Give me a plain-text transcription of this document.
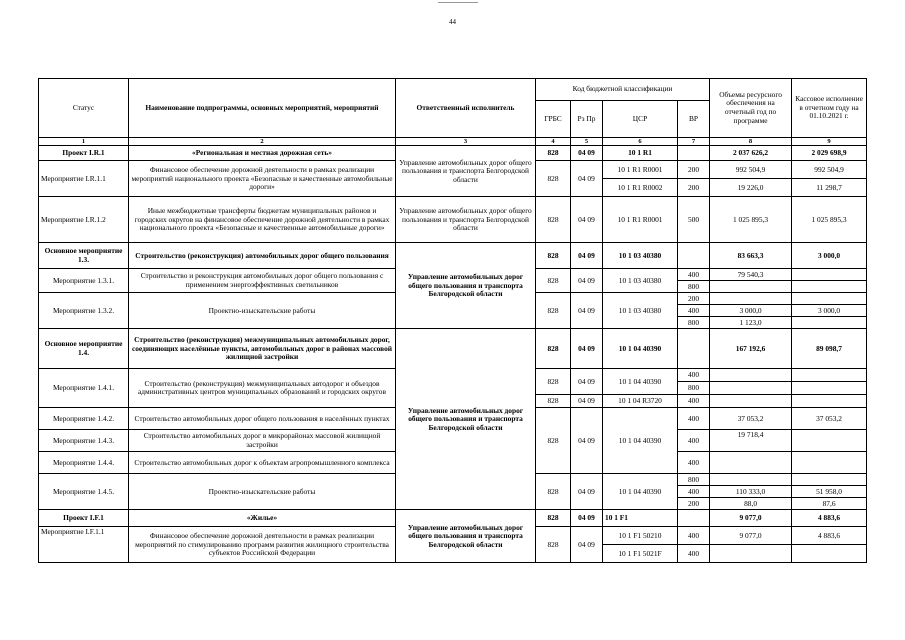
44
Статус	Наименование подпрограммы, основных мероприятий, мероприятий	Ответственный исполнитель	Код бюджетной классификации				Объемы ресурсного обеспечения на отчетный год по программе	Кассовое исполнение в отчетном году на 01.10.2021 г.
			ГРБС	Рз Пр	ЦСР	ВР		
1	2	3	4	5	6	7	8	9
Проект I.R.1	«Региональная и местная дорожная сеть»	Управление автомобильных дорог общего пользования и транспорта Белгородской области	828	04 09	10 1 R1		2 037 626,2	2 029 698,9
Мероприятие I.R.1.1	Финансовое обеспечение дорожной деятельности в рамках реализации мероприятий национального проекта «Безопасные и качественные автомобильные дороги»		828	04 09	10 1 R1 R0001	200	992 504,9	992 504,9
					10 1 R1 R0002	200	19 226,0	11 298,7
Мероприятие I.R.1.2	Иные межбюджетные трансферты бюджетам муниципальных районов и городских округов на финансовое обеспечение дорожной деятельности в рамках национального проекта «Безопасные и качественные автомобильные дороги»	Управление автомобильных дорог общего пользования и транспорта Белгородской области	828	04 09	10 1 R1 R0001	500	1 025 895,3	1 025 895,3
Основное мероприятие 1.3.	Строительство (реконструкция) автомобильных дорог общего пользования	Управление автомобильных дорог общего пользования и транспорта Белгородской области	828	04 09	10 1 03 40380		83 663,3	3 000,0
Мероприятие 1.3.1.	Строительство и реконструкция автомобильных дорог общего пользования с применением энергоэффективных светильников		828	04 09	10 1 03 40380	400	79 540,3	
						800		
Мероприятие 1.3.2.	Проектно-изыскательские работы		828	04 09	10 1 03 40380	200		
						400	3 000,0	3 000,0
						800	1 123,0	
Основное мероприятие 1.4.	Строительство (реконструкция) межмуниципальных автомобильных дорог, соединяющих населённые пункты, автомобильных дорог в районах массовой жилищной застройки	Управление автомобильных дорог общего пользования и транспорта Белгородской области	828	04 09	10 1 04 40390		167 192,6	89 098,7
Мероприятие 1.4.1.	Строительство (реконструкция) межмуниципальных автодорог и объездов административных центров муниципальных образований и городских округов		828	04 09	10 1 04 40390	400		
						800		
			828	04 09	10 1 04 R3720	400		
Мероприятие 1.4.2.	Строительство автомобильных дорог общего пользования в населённых пунктах		828	04 09	10 1 04 40390	400	37 053,2	37 053,2
Мероприятие 1.4.3.	Строительство автомобильных дорог в микрорайонах массовой жилищной застройки					400	19 718,4	
Мероприятие 1.4.4.	Строительство автомобильных дорог к объектам агропромышленного комплекса					400		
Мероприятие 1.4.5.	Проектно-изыскательские работы		828	04 09	10 1 04 40390	800		
						400	110 333,0	51 958,0
						200	88,0	87,6
Проект I.F.1	«Жилье»	Управление автомобильных дорог общего пользования и транспорта Белгородской области	828	04 09	10 1 F1		9 077,0	4 883,6
Мероприятие I.F.1.1	Финансовое обеспечение дорожной деятельности в рамках реализации мероприятий по стимулированию программ развития жилищного строительства субъектов Российской Федерации		828	04 09	10 1 F1 50210	400	9 077,0	4 883,6
					10 1 F1 5021F	400		
